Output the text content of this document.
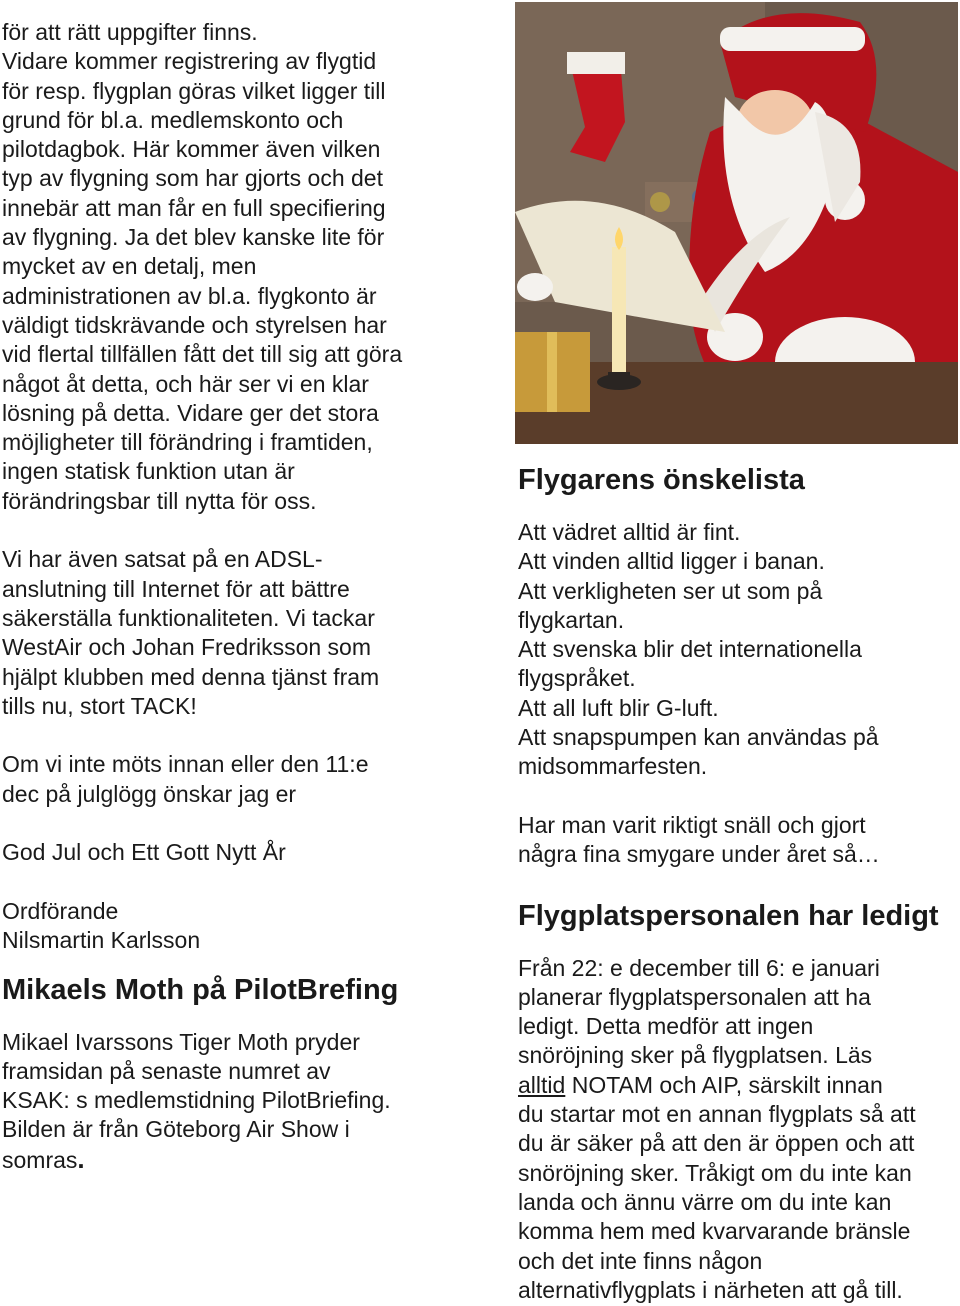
för att rätt uppgifter finns.
Vidare kommer registrering av flygtid
för resp. flygplan göras vilket ligger till
grund för bl.a. medlemskonto och
pilotdagbok. Här kommer även vilken
typ av flygning som har gjorts och det
innebär att man får en full specifiering
av flygning. Ja det blev kanske lite för
mycket av en detalj, men
administrationen av bl.a. flygkonto är
väldigt tidskrävande och styrelsen har
vid flertal tillfällen fått det till sig att göra
något åt detta, och här ser vi en klar
lösning på detta. Vidare ger det stora
möjligheter till förändring i framtiden,
ingen statisk funktion utan är
förändringsbar till nytta för oss.
Vi har även satsat på en ADSL-
anslutning till Internet för att bättre
säkerställa funktionaliteten. Vi tackar
WestAir och Johan Fredriksson som
hjälpt klubben med denna tjänst fram
tills nu, stort TACK!
Om vi inte möts innan eller den 11:e
dec på julglögg önskar jag er
God Jul och Ett Gott Nytt År
Ordförande
Nilsmartin Karlsson
Mikaels Moth på PilotBrefing
Mikael Ivarssons Tiger Moth pryder
framsidan på senaste numret av
KSAK: s medlemstidning PilotBriefing.
Bilden är från Göteborg Air Show i
somras.
Flygarens önskelista
Att vädret alltid är fint.
Att vinden alltid ligger i banan.
Att verkligheten ser ut som på
flygkartan.
Att svenska blir det internationella
flygspråket.
Att all luft blir G-luft.
Att snapspumpen kan användas på
midsommarfesten.
Har man varit riktigt snäll och gjort
några fina smygare under året så…
Flygplatspersonalen har ledigt
Från 22: e december till 6: e januari
planerar flygplatspersonalen att ha
ledigt. Detta medför att ingen
snöröjning sker på flygplatsen. Läs
alltid NOTAM och AIP, särskilt innan
du startar mot en annan flygplats så att
du är säker på att den är öppen och att
snöröjning sker. Tråkigt om du inte kan
landa och ännu värre om du inte kan
komma hem med kvarvarande bränsle
och det inte finns någon
alternativflygplats i närheten att gå till.
